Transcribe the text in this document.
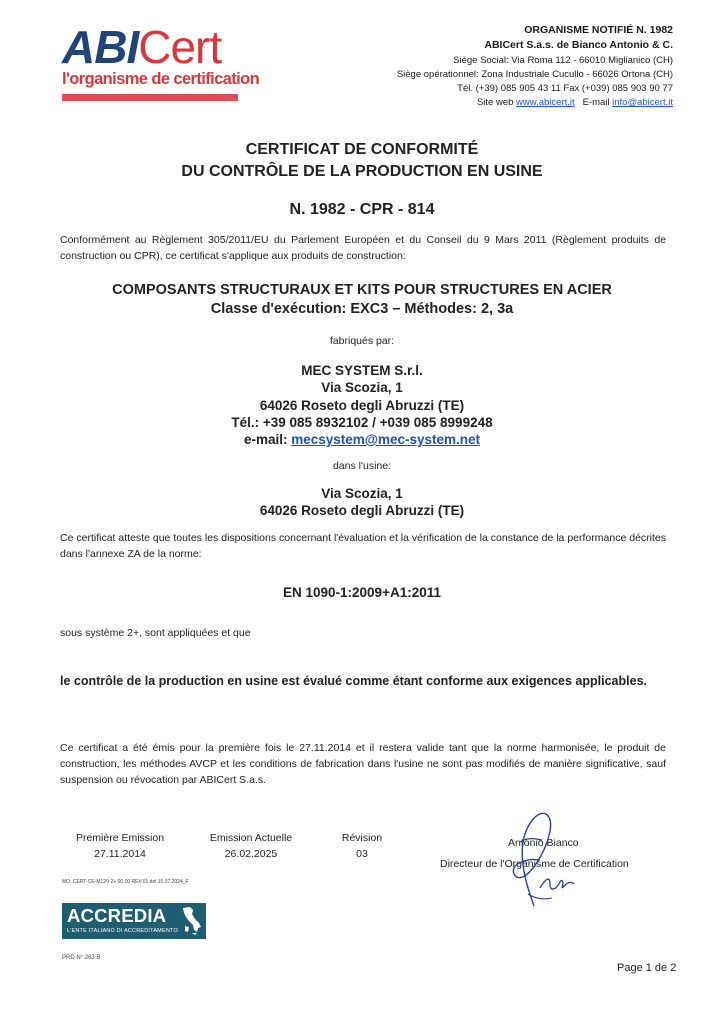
ABICert
l'organisme de certification
ORGANISME NOTIFIÉ N. 1982
ABICert S.a.s. de Bianco Antonio & C.
Siège Social: Via Roma 112 - 66010 Miglianico (CH)
Siège opérationnel: Zona Industriale Cucullo - 66026 Ortona (CH)
Tél. (+39) 085 905 43 11 Fax (+039) 085 903 90 77
Site web www.abicert.it E-mail info@abicert.it
CERTIFICAT DE CONFORMITÉ
DU CONTRÔLE DE LA PRODUCTION EN USINE
N. 1982 - CPR - 814
Conformément au Règlement 305/2011/EU du Parlement Européen et du Conseil du 9 Mars 2011 (Règlement produits de construction ou CPR), ce certificat s'applique aux produits de construction:
COMPOSANTS STRUCTURAUX ET KITS POUR STRUCTURES EN ACIER
Classe d'exécution: EXC3 – Méthodes: 2, 3a
fabriqués par:
MEC SYSTEM S.r.l.
Via Scozia, 1
64026 Roseto degli Abruzzi (TE)
Tél.: +39 085 8932102 / +039 085 8999248
e-mail: mecsystem@mec-system.net
dans l'usine:
Via Scozia, 1
64026 Roseto degli Abruzzi (TE)
Ce certificat atteste que toutes les dispositions concernant l'évaluation et la vérification de la constance de la performance décrites dans l'annexe ZA de la norme:
EN 1090-1:2009+A1:2011
sous système 2+, sont appliquées et que
le contrôle de la production en usine est évalué comme étant conforme aux exigences applicables.
Ce certificat a été émis pour la première fois le 27.11.2014 et il restera valide tant que la norme harmonisée, le produit de construction, les méthodes AVCP et les conditions de fabrication dans l'usine ne sont pas modifiés de manière significative, sauf suspension ou révocation par ABICert S.a.s.
Première Emission
27.11.2014
Emission Actuelle
26.02.2025
Révision
03
Antonio Bianco
Directeur de l'Organisme de Certification
MO. CERT-CE-M120-2+ 00.00 REV.01 del 15.07.2024_F
ACCREDIA
L'ENTE ITALIANO DI ACCREDITAMENTO
PRD N° 263 B
Page 1 de 2
